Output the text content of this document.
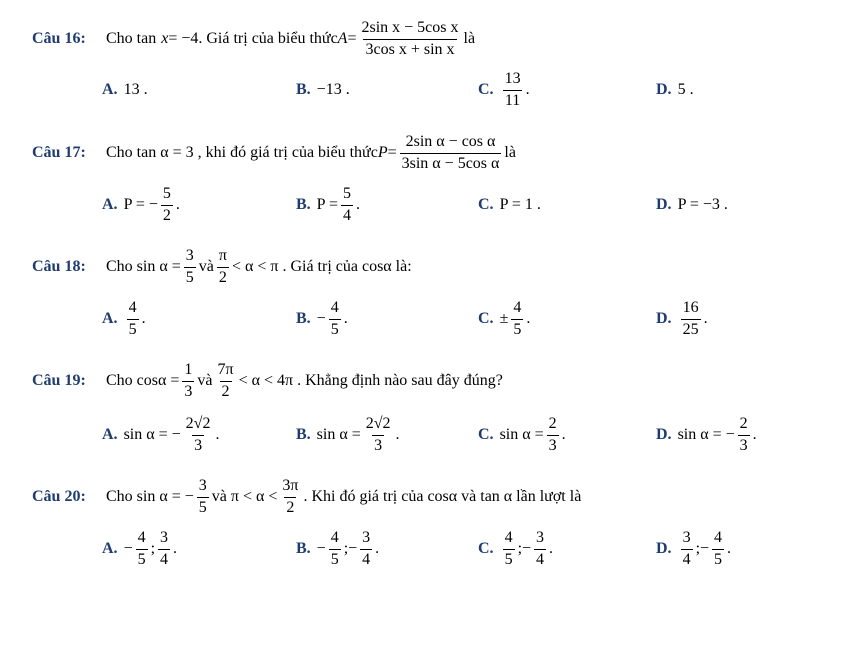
Câu 16:	Cho tan x = −4. Giá trị của biểu thức $A = \frac{\text{2sin x − 5cos x}}{\text{3cos x + sin x}}$ là
A. 13 .	B. −13 .	C. $\frac{13}{11}$ .	D. 5 .
Câu 17:	Cho tan α = 3 , khi đó giá trị của biểu thức $P = \frac{\text{2sin α − cos α}}{\text{3sin α − 5cos α}}$ là
A. P = − $\frac{5}{2}$ .	B. $P = \frac{5}{4}$ .	C. P = 1 .	D. P = −3 .
Câu 18:	Cho $\sin \alpha = \frac{3}{5}$ và $\frac{\pi}{2} < \alpha < \pi$ . Giá trị của cosα là:
A. $\frac{4}{5}$ .	B. − $\frac{4}{5}$ .	C. ± $\frac{4}{5}$ .	D. $\frac{16}{25}$ .
Câu 19:	Cho $\cos\alpha = \frac{1}{3}$ và $\frac{7\pi}{2} < \alpha < 4\pi$ . Khẳng định nào sau đây đúng?
A. sin α = − $\frac{2√2}{3}$ .	B. $\sin \alpha = \frac{2√2}{3}$ .	C. $\sin \alpha = \frac{2}{3}$ .	D. sin α = − $\frac{2}{3}$ .
Câu 20:	Cho sin α = − $\frac{3}{5}$ và $\pi < \alpha < \frac{3\pi}{2}$ . Khi đó giá trị của cosα và tan α lần lượt là
A. − $\frac{4}{5}$ ; $\frac{3}{4}$ .	B. − $\frac{4}{5}$ ;− $\frac{3}{4}$ .	C. $\frac{4}{5}$ ;− $\frac{3}{4}$ .	D. $\frac{3}{4}$ ;− $\frac{4}{5}$ .
